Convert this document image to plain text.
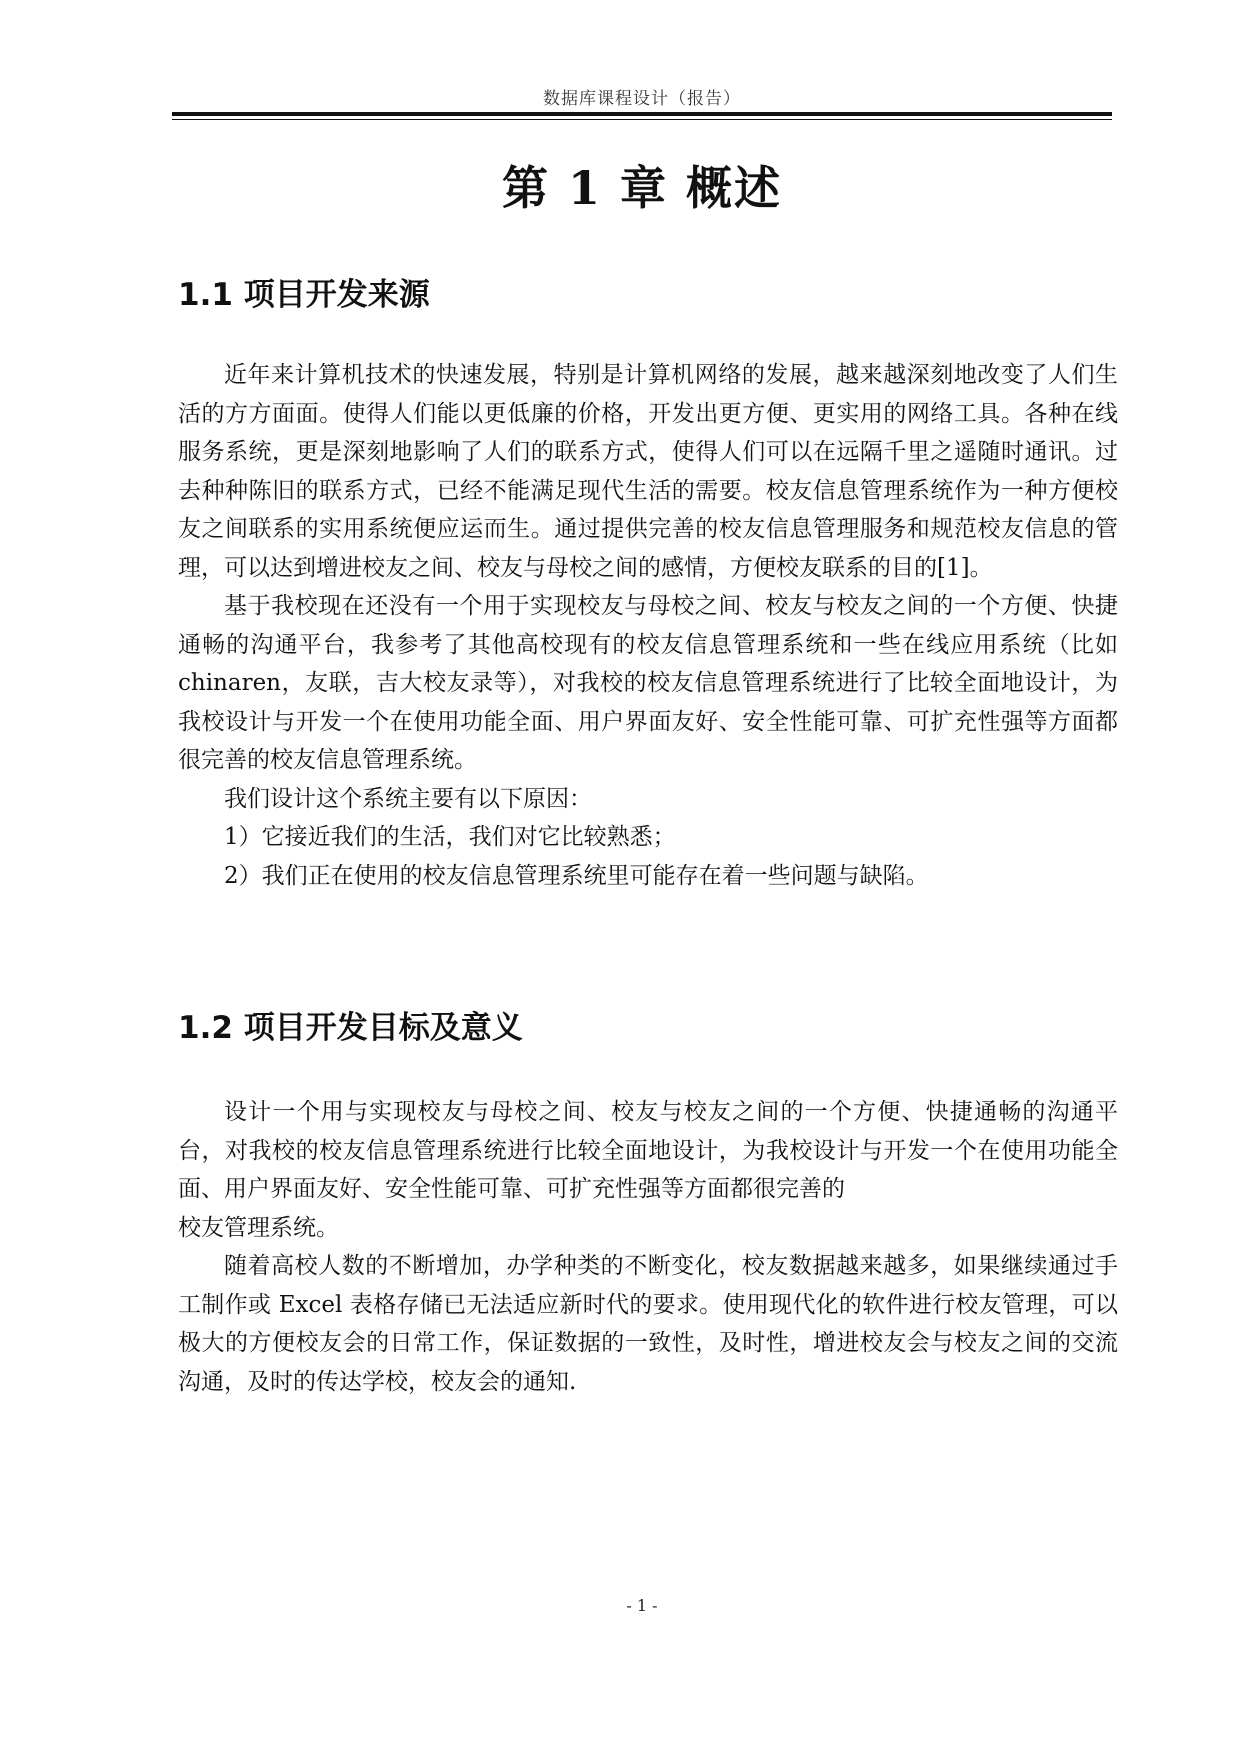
数据库课程设计（报告）
第 1 章 概述
1.1 项目开发来源

近年来计算机技术的快速发展，特别是计算机网络的发展，越来越深刻地改变了人们生活的方方面面。使得人们能以更低廉的价格，开发出更方便、更实用的网络工具。各种在线服务系统，更是深刻地影响了人们的联系方式，使得人们可以在远隔千里之遥随时通讯。过去种种陈旧的联系方式，已经不能满足现代生活的需要。校友信息管理系统作为一种方便校友之间联系的实用系统便应运而生。通过提供完善的校友信息管理服务和规范校友信息的管理，可以达到增进校友之间、校友与母校之间的感情，方便校友联系的目的[1]。

基于我校现在还没有一个用于实现校友与母校之间、校友与校友之间的一个方便、快捷通畅的沟通平台，我参考了其他高校现有的校友信息管理系统和一些在线应用系统（比如 chinaren，友联，吉大校友录等），对我校的校友信息管理系统进行了比较全面地设计，为我校设计与开发一个在使用功能全面、用户界面友好、安全性能可靠、可扩充性强等方面都很完善的校友信息管理系统。

我们设计这个系统主要有以下原因：

1）它接近我们的生活，我们对它比较熟悉；

2）我们正在使用的校友信息管理系统里可能存在着一些问题与缺陷。

1.2 项目开发目标及意义

设计一个用与实现校友与母校之间、校友与校友之间的一个方便、快捷通畅的沟通平台，对我校的校友信息管理系统进行比较全面地设计，为我校设计与开发一个在使用功能全面、用户界面友好、安全性能可靠、可扩充性强等方面都很完善的

校友管理系统。

随着高校人数的不断增加，办学种类的不断变化，校友数据越来越多，如果继续通过手工制作或 Excel 表格存储已无法适应新时代的要求。使用现代化的软件进行校友管理，可以极大的方便校友会的日常工作，保证数据的一致性，及时性，增进校友会与校友之间的交流沟通，及时的传达学校，校友会的通知.

- 1 -
